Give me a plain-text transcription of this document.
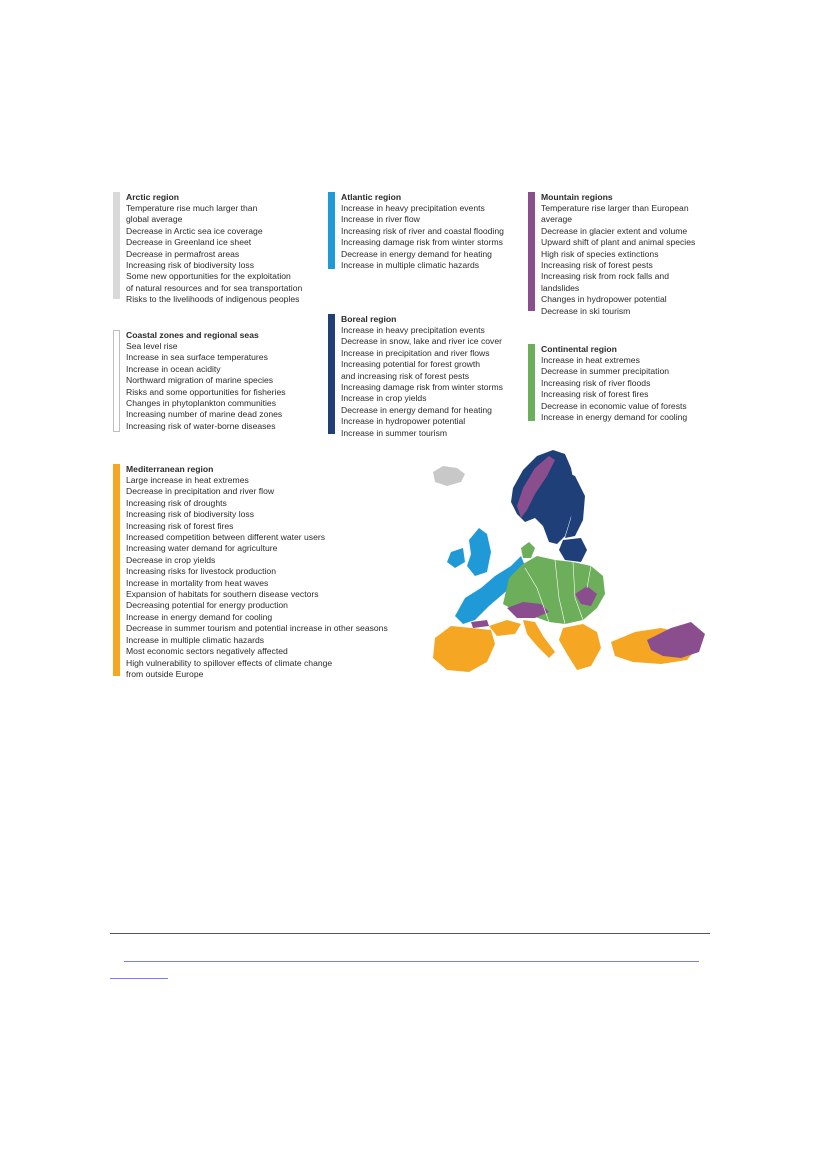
Arctic region
Temperature rise much larger than
global average
Decrease in Arctic sea ice coverage
Decrease in Greenland ice sheet
Decrease in permafrost areas
Increasing risk of biodiversity loss
Some new opportunities for the exploitation
of natural resources and for sea transportation
Risks to the livelihoods of indigenous peoples
Atlantic region
Increase in heavy precipitation events
Increase in river flow
Increasing risk of river and coastal flooding
Increasing damage risk from winter storms
Decrease in energy demand for heating
Increase in multiple climatic hazards
Mountain regions
Temperature rise larger than European
average
Decrease in glacier extent and volume
Upward shift of plant and animal species
High risk of species extinctions
Increasing risk of forest pests
Increasing risk from rock falls and
landslides
Changes in hydropower potential
Decrease in ski tourism
Coastal zones and regional seas
Sea level rise
Increase in sea surface temperatures
Increase in ocean acidity
Northward migration of marine species
Risks and some opportunities for fisheries
Changes in phytoplankton communities
Increasing number of marine dead zones
Increasing risk of water-borne diseases
Boreal region
Increase in heavy precipitation events
Decrease in snow, lake and river ice cover
Increase in precipitation and river flows
Increasing potential for forest growth
and increasing risk of forest pests
Increasing damage risk from winter storms
Increase in crop yields
Decrease in energy demand for heating
Increase in hydropower potential
Increase in summer tourism
Continental region
Increase in heat extremes
Decrease in summer precipitation
Increasing risk of river floods
Increasing risk of forest fires
Decrease in economic value of forests
Increase in energy demand for cooling
Mediterranean region
Large increase in heat extremes
Decrease in precipitation and river flow
Increasing risk of droughts
Increasing risk of biodiversity loss
Increasing risk of forest fires
Increased competition between different water users
Increasing water demand for agriculture
Decrease in crop yields
Increasing risks for livestock production
Increase in mortality from heat waves
Expansion of habitats for southern disease vectors
Decreasing potential for energy production
Increase in energy demand for cooling
Decrease in summer tourism and potential increase in other seasons
Increase in multiple climatic hazards
Most economic sectors negatively affected
High vulnerability to spillover effects of climate change
from outside Europe
